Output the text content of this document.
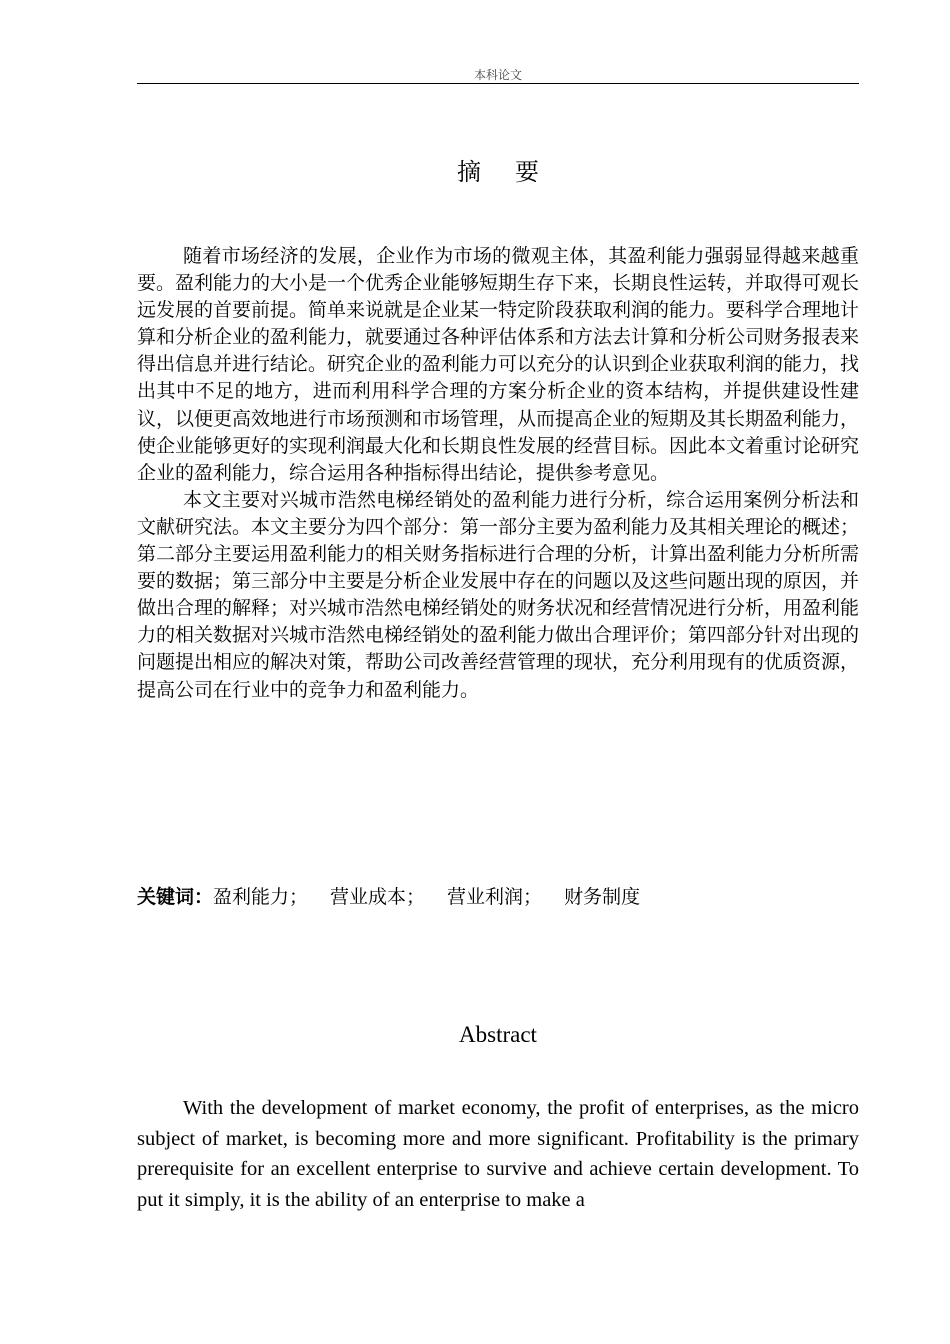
本科论文
摘要

随着市场经济的发展，企业作为市场的微观主体，其盈利能力强弱显得越来越重要。盈利能力的大小是一个优秀企业能够短期生存下来，长期良性运转，并取得可观长远发展的首要前提。简单来说就是企业某一特定阶段获取利润的能力。要科学合理地计算和分析企业的盈利能力，就要通过各种评估体系和方法去计算和分析公司财务报表来得出信息并进行结论。研究企业的盈利能力可以充分的认识到企业获取利润的能力，找出其中不足的地方，进而利用科学合理的方案分析企业的资本结构，并提供建设性建议，以便更高效地进行市场预测和市场管理，从而提高企业的短期及其长期盈利能力，使企业能够更好的实现利润最大化和长期良性发展的经营目标。因此本文着重讨论研究企业的盈利能力，综合运用各种指标得出结论，提供参考意见。

本文主要对兴城市浩然电梯经销处的盈利能力进行分析，综合运用案例分析法和文献研究法。本文主要分为四个部分：第一部分主要为盈利能力及其相关理论的概述；第二部分主要运用盈利能力的相关财务指标进行合理的分析，计算出盈利能力分析所需要的数据；第三部分中主要是分析企业发展中存在的问题以及这些问题出现的原因，并做出合理的解释；对兴城市浩然电梯经销处的财务状况和经营情况进行分析，用盈利能力的相关数据对兴城市浩然电梯经销处的盈利能力做出合理评价；第四部分针对出现的问题提出相应的解决对策，帮助公司改善经营管理的现状，充分利用现有的优质资源，提高公司在行业中的竞争力和盈利能力。

关键词：盈利能力； 营业成本； 营业利润； 财务制度
Abstract

With the development of market economy, the profit of enterprises, as the micro subject of market, is becoming more and more significant. Profitability is the primary prerequisite for an excellent enterprise to survive and achieve certain development. To put it simply, it is the ability of an enterprise to make a
